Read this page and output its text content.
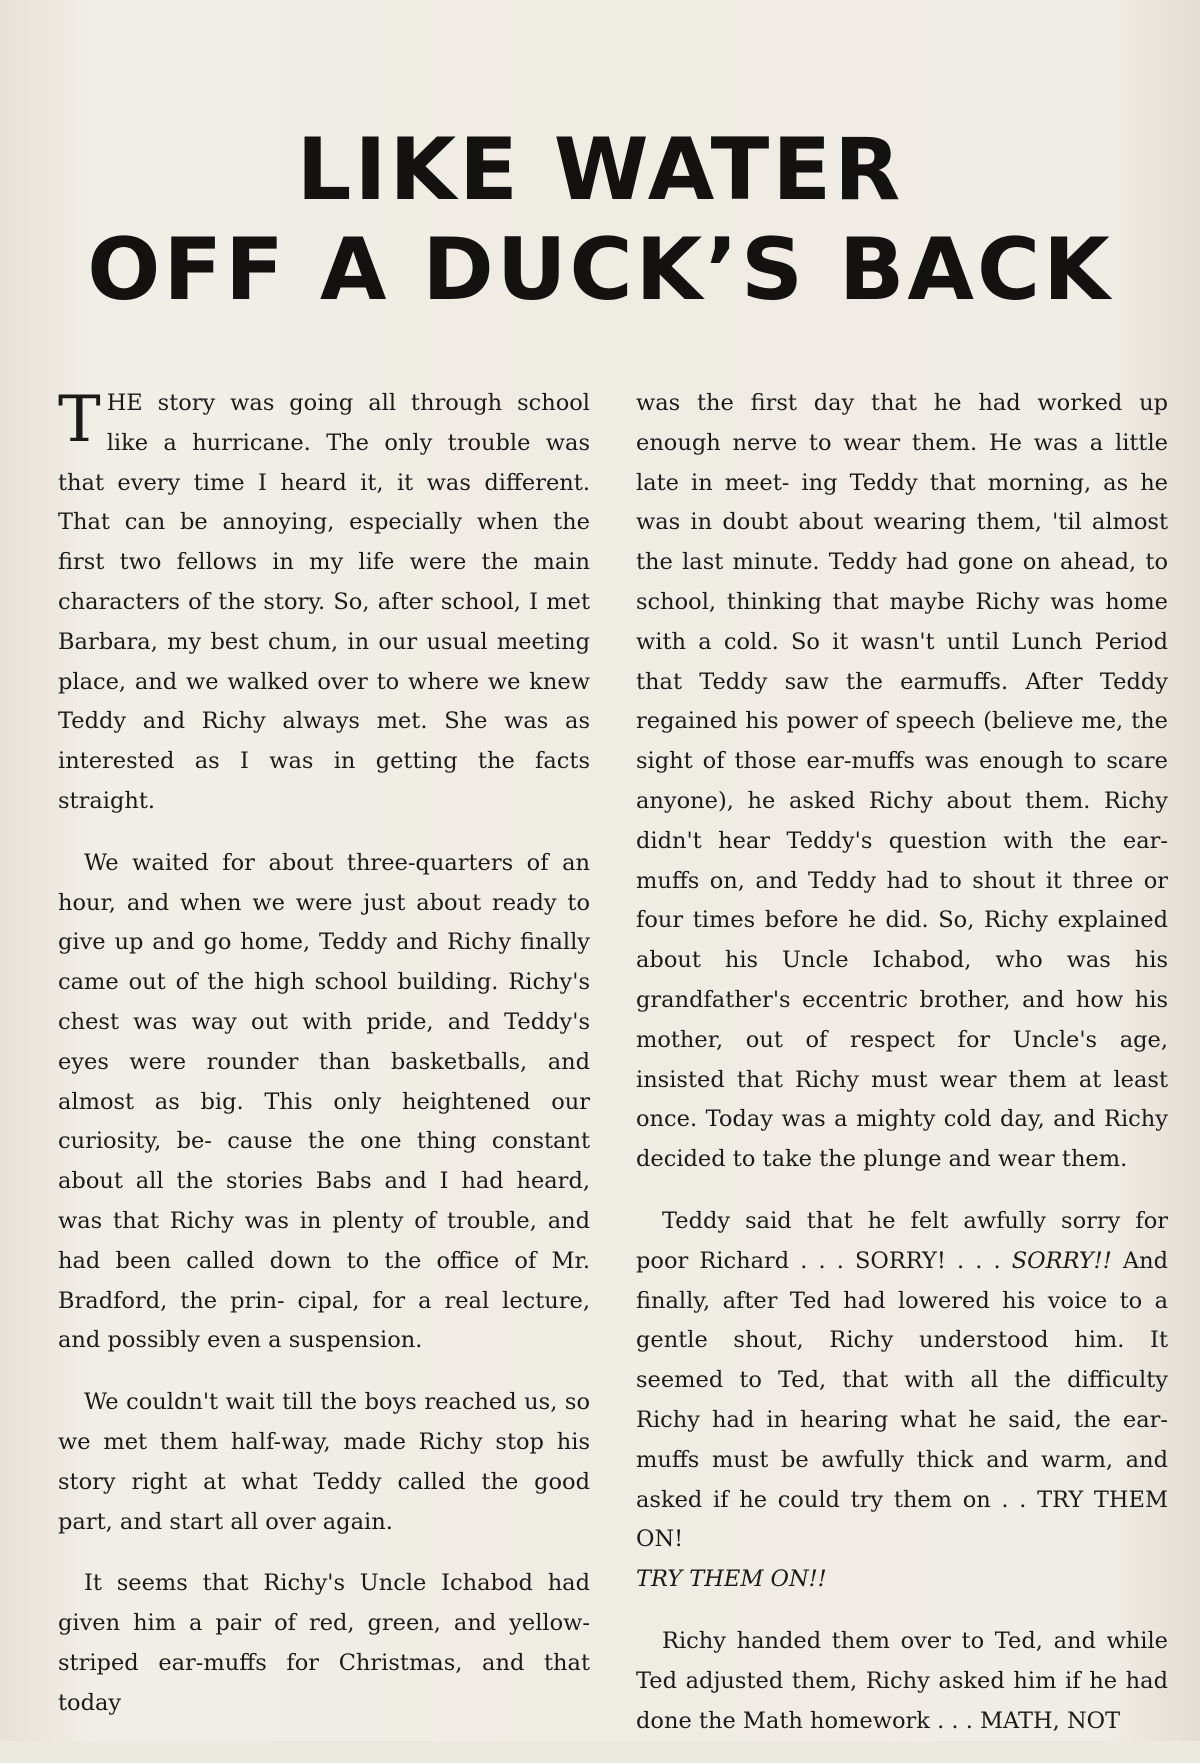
LIKE WATER
OFF A DUCK’S BACK

THE story was going all through school like a hurricane. The only trouble was that every time I heard it, it was different. That can be annoying, especially when the first two fellows in my life were the main characters of the story. So, after school, I met Barbara, my best chum, in our usual meeting place, and we walked over to where we knew Teddy and Richy always met. She was as interested as I was in getting the facts straight.

We waited for about three-quarters of an hour, and when we were just about ready to give up and go home, Teddy and Richy finally came out of the high school building. Richy's chest was way out with pride, and Teddy's eyes were rounder than basketballs, and almost as big. This only heightened our curiosity, be- cause the one thing constant about all the stories Babs and I had heard, was that Richy was in plenty of trouble, and had been called down to the office of Mr. Bradford, the prin- cipal, for a real lecture, and possibly even a suspension.

We couldn't wait till the boys reached us, so we met them half-way, made Richy stop his story right at what Teddy called the good part, and start all over again.

It seems that Richy's Uncle Ichabod had given him a pair of red, green, and yellow-striped ear-muffs for Christmas, and that today

was the first day that he had worked up enough nerve to wear them. He was a little late in meet- ing Teddy that morning, as he was in doubt about wearing them, 'til almost the last minute. Teddy had gone on ahead, to school, thinking that maybe Richy was home with a cold. So it wasn't until Lunch Period that Teddy saw the earmuffs. After Teddy regained his power of speech (believe me, the sight of those ear-muffs was enough to scare anyone), he asked Richy about them. Richy didn't hear Teddy's question with the ear-muffs on, and Teddy had to shout it three or four times before he did. So, Richy explained about his Uncle Ichabod, who was his grandfather's eccentric brother, and how his mother, out of respect for Uncle's age, insisted that Richy must wear them at least once. Today was a mighty cold day, and Richy decided to take the plunge and wear them.

Teddy said that he felt awfully sorry for poor Richard . . . SORRY! . . . SORRY!! And finally, after Ted had lowered his voice to a gentle shout, Richy understood him. It seemed to Ted, that with all the difficulty Richy had in hearing what he said, the ear-muffs must be awfully thick and warm, and asked if he could try them on . . TRY THEM ON!
TRY THEM ON!!

Richy handed them over to Ted, and while Ted adjusted them, Richy asked him if he had done the Math homework . . . MATH, NOT
